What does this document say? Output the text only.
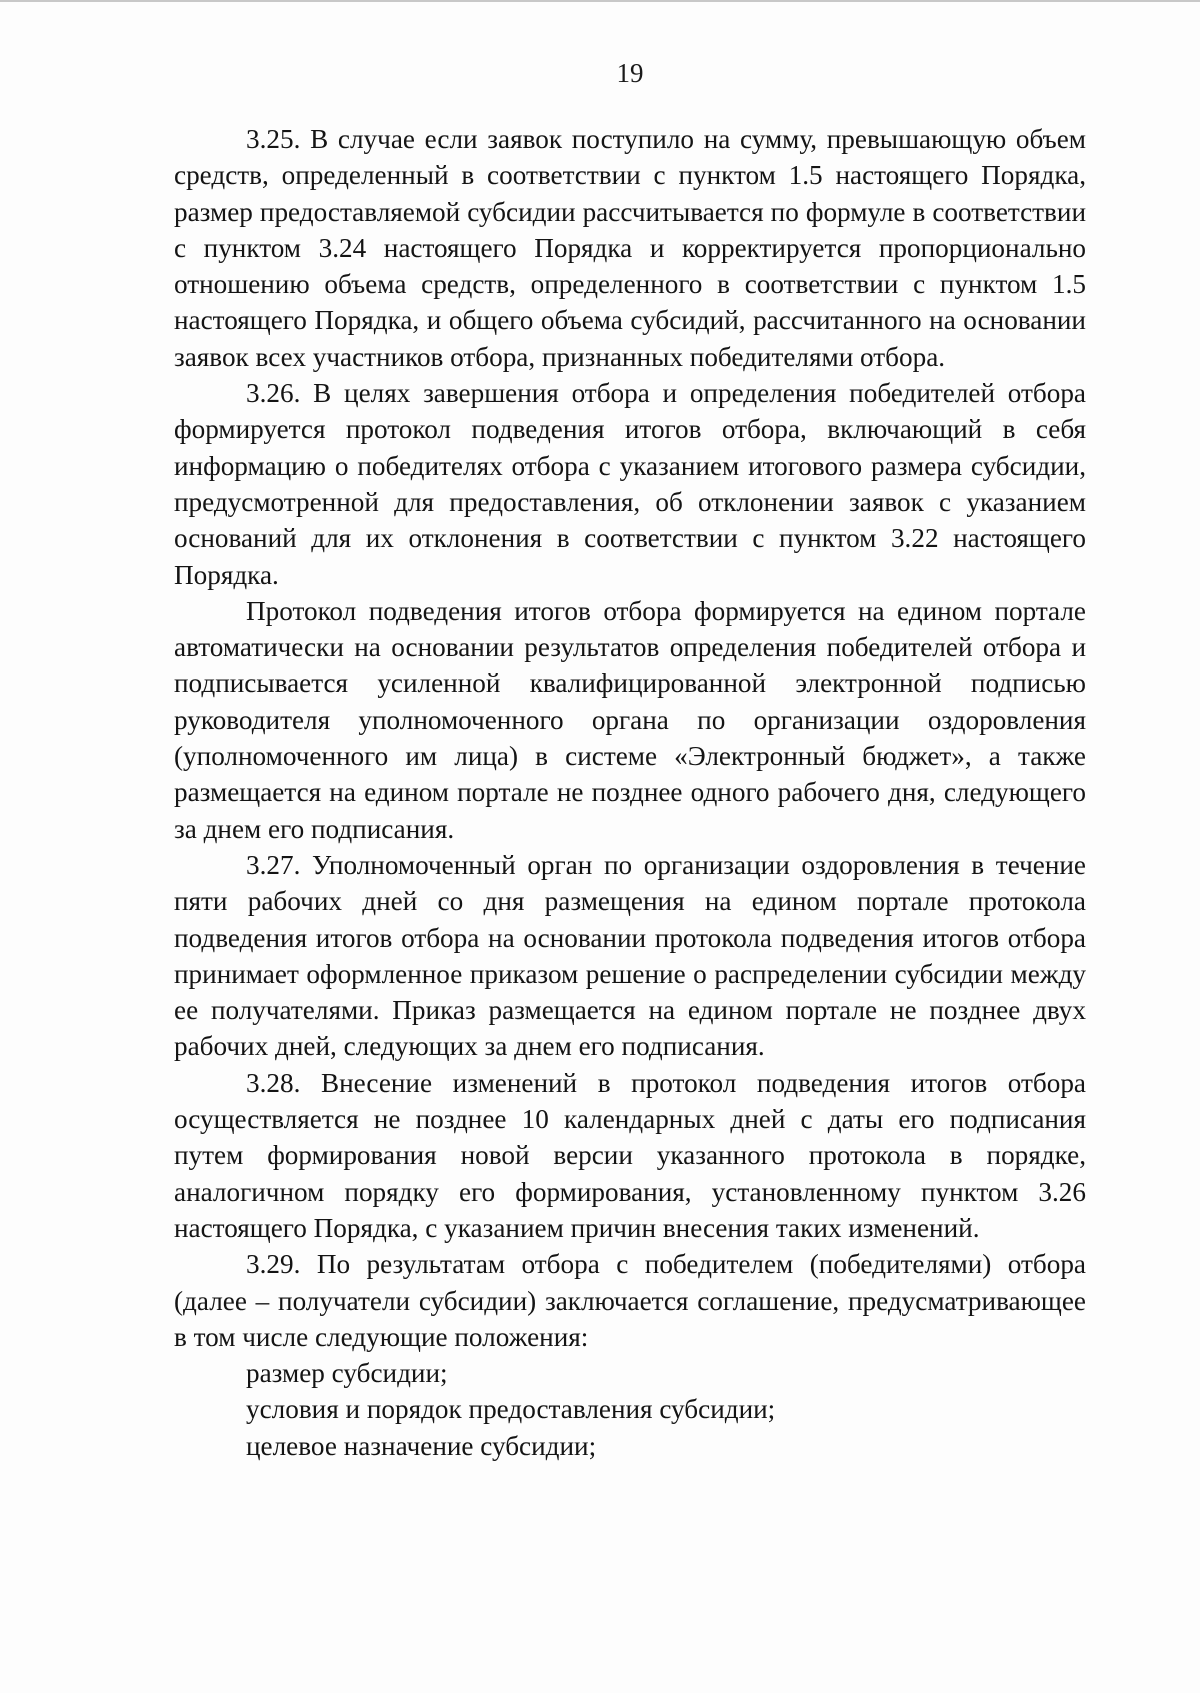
19

3.25. В случае если заявок поступило на сумму, превышающую объем средств, определенный в соответствии с пунктом 1.5 настоящего Порядка, размер предоставляемой субсидии рассчитывается по формуле в соответствии с пунктом 3.24 настоящего Порядка и корректируется пропорционально отношению объема средств, определенного в соответствии с пунктом 1.5 настоящего Порядка, и общего объема субсидий, рассчитанного на основании заявок всех участников отбора, признанных победителями отбора.

3.26. В целях завершения отбора и определения победителей отбора формируется протокол подведения итогов отбора, включающий в себя информацию о победителях отбора с указанием итогового размера субсидии, предусмотренной для предоставления, об отклонении заявок с указанием оснований для их отклонения в соответствии с пунктом 3.22 настоящего Порядка.

Протокол подведения итогов отбора формируется на едином портале автоматически на основании результатов определения победителей отбора и подписывается усиленной квалифицированной электронной подписью руководителя уполномоченного органа по организации оздоровления (уполномоченного им лица) в системе «Электронный бюджет», а также размещается на едином портале не позднее одного рабочего дня, следующего за днем его подписания.

3.27. Уполномоченный орган по организации оздоровления в течение пяти рабочих дней со дня размещения на едином портале протокола подведения итогов отбора на основании протокола подведения итогов отбора принимает оформленное приказом решение о распределении субсидии между ее получателями. Приказ размещается на едином портале не позднее двух рабочих дней, следующих за днем его подписания.

3.28. Внесение изменений в протокол подведения итогов отбора осуществляется не позднее 10 календарных дней с даты его подписания путем формирования новой версии указанного протокола в порядке, аналогичном порядку его формирования, установленному пунктом 3.26 настоящего Порядка, с указанием причин внесения таких изменений.

3.29. По результатам отбора с победителем (победителями) отбора (далее – получатели субсидии) заключается соглашение, предусматривающее в том числе следующие положения:

размер субсидии;

условия и порядок предоставления субсидии;

целевое назначение субсидии;
